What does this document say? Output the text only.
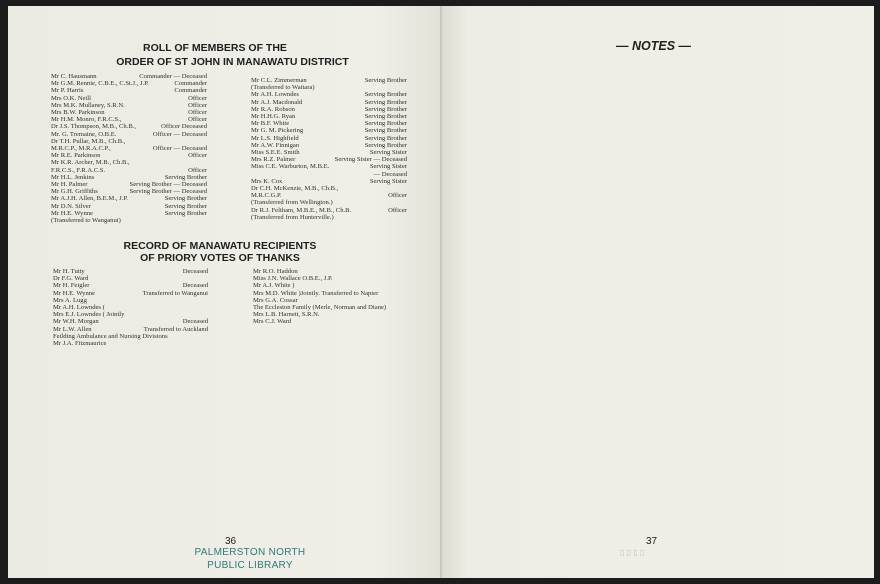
ROLL OF MEMBERS OF THE
ORDER OF ST JOHN IN MANAWATU DISTRICT
Mr C. Hausmann	Commander — Deceased
Mr G.M. Rennie, C.B.E., C.St.J., J.P.	Commander
Mr P. Harris	Commander
Mrs O.K. Neill	Officer
Mrs M.K. Mullaney, S.R.N.	Officer
Mrs B.W. Parkinson	Officer
Mr H.M. Monro, F.R.C.S.,	Officer
Dr J.S. Thompson, M.B., Ch.B.,	Officer Deceased
Mr. G. Tremaine, O.B.E.	Officer — Deceased
Dr T.H. Pullar, M.B., Ch.B.,
M.R.C.P., M.R.A.C.P.,	Officer — Deceased
Mr R.E. Parkinson	Officer
Mr K.R. Archer, M.B., Ch.B.,
F.R.C.S., F.R.A.C.S.	Officer
Mr H.L. Jenkins	Serving Brother
Mr H. Palmer	Serving Brother — Deceased
Mr G.H. Griffiths	Serving Brother — Deceased
Mr A.J.H. Allen, B.E.M., J.P.	Serving Brother
Mr D.N. Silver	Serving Brother
Mr H.E. Wynne	Serving Brother
(Transferred to Wanganui)
Mr C.L. Zimmerman	Serving Brother
(Transferred to Waitara)
Mr A.H. Lowndes	Serving Brother
Mr A.J. Macdonald	Serving Brother
Mr R.A. Robson	Serving Brother
Mr H.H.G. Ryan	Serving Brother
Mr B.F. White	Serving Brother
Mr G. M. Pickering	Serving Brother
Mr L.S. Highfield	Serving Brother
Mr A.W. Finnigan	Serving Brother
Miss S.E.E. Smith	Serving Sister
Mrs R.Z. Palmer	Serving Sister — Deceased
Miss C.E. Warburton, M.B.E.	Serving Sister
— Deceased
Mrs K. Cox	Serving Sister
Dr C.H. McKenzie, M.B., Ch.B.,
M.R.C.G.P.	Officer
(Transferred from Wellington.)
Dr R.J. Feltham, M.B.E., M.B., Ch.B.	Officer
(Transferred from Hunterville.)
RECORD OF MANAWATU RECIPIENTS
OF PRIORY VOTES OF THANKS
Mr H. Tutty	Deceased
Dr F.G. Ward
Mr H. Feigler	Deceased
Mr H.E. Wynne	Transferred to Wanganui
Mrs A. Lugg
Mr A.H. Lowndes (
Mrs E.J. Lowndes ( Jointly
Mr W.H. Morgan	Deceased
Mr L.W. Allen	Transferred to Auckland
Feilding Ambulance and Nursing Divisions
Mr J.A. Fitzmaurice
Mr R.O. Haddon
Miss J.N. Wallace O.B.E., J.P.
Mr A.J. White )
Mrs M.D. White )Jointly. Transferred to Napier
Mrs G.A. Cossar
The Eccleston Family (Merle, Norman and Diane)
Mrs L.B. Harnett, S.R.N.
Mrs C.J. Ward
36
PALMERSTON NORTH
PUBLIC LIBRARY
— NOTES —
37
▯ ▯ ▯ ▯
